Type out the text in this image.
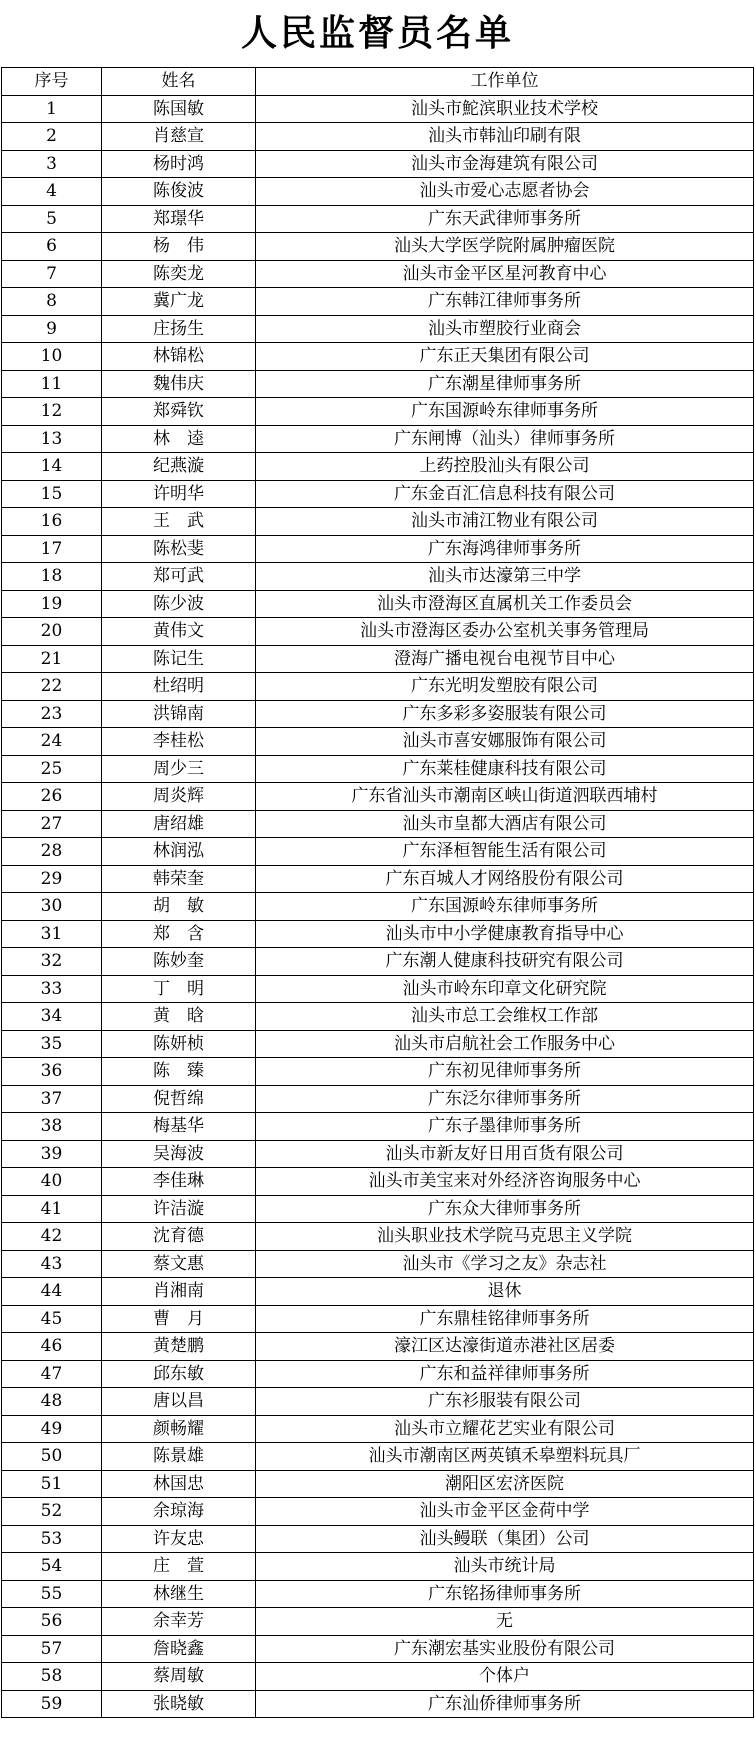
人民监督员名单
序号	姓名	工作单位
1	陈国敏	汕头市鮀滨职业技术学校
2	肖慈宣	汕头市韩汕印刷有限
3	杨时鸿	汕头市金海建筑有限公司
4	陈俊波	汕头市爱心志愿者协会
5	郑璟华	广东天武律师事务所
6	杨　伟	汕头大学医学院附属肿瘤医院
7	陈奕龙	汕头市金平区星河教育中心
8	冀广龙	广东韩江律师事务所
9	庄扬生	汕头市塑胶行业商会
10	林锦松	广东正天集团有限公司
11	魏伟庆	广东潮星律师事务所
12	郑舜钦	广东国源岭东律师事务所
13	林　逵	广东闸博（汕头）律师事务所
14	纪燕漩	上药控股汕头有限公司
15	许明华	广东金百汇信息科技有限公司
16	王　武	汕头市浦江物业有限公司
17	陈松斐	广东海鸿律师事务所
18	郑可武	汕头市达濠第三中学
19	陈少波	汕头市澄海区直属机关工作委员会
20	黄伟文	汕头市澄海区委办公室机关事务管理局
21	陈记生	澄海广播电视台电视节目中心
22	杜绍明	广东光明发塑胶有限公司
23	洪锦南	广东多彩多姿服装有限公司
24	李桂松	汕头市喜安娜服饰有限公司
25	周少三	广东莱桂健康科技有限公司
26	周炎辉	广东省汕头市潮南区峡山街道泗联西埔村
27	唐绍雄	汕头市皇都大酒店有限公司
28	林润泓	广东泽桓智能生活有限公司
29	韩荣奎	广东百城人才网络股份有限公司
30	胡　敏	广东国源岭东律师事务所
31	郑　含	汕头市中小学健康教育指导中心
32	陈妙奎	广东潮人健康科技研究有限公司
33	丁　明	汕头市岭东印章文化研究院
34	黄　晗	汕头市总工会维权工作部
35	陈妍桢	汕头市启航社会工作服务中心
36	陈　臻	广东初见律师事务所
37	倪哲绵	广东泛尔律师事务所
38	梅基华	广东子墨律师事务所
39	吴海波	汕头市新友好日用百货有限公司
40	李佳琳	汕头市美宝来对外经济咨询服务中心
41	许洁漩	广东众大律师事务所
42	沈育德	汕头职业技术学院马克思主义学院
43	蔡文惠	汕头市《学习之友》杂志社
44	肖湘南	退休
45	曹　月	广东鼎桂铭律师事务所
46	黄楚鹏	濠江区达濠街道赤港社区居委
47	邱东敏	广东和益祥律师事务所
48	唐以昌	广东衫服装有限公司
49	颜畅耀	汕头市立耀花艺实业有限公司
50	陈景雄	汕头市潮南区两英镇禾皋塑料玩具厂
51	林国忠	潮阳区宏济医院
52	余琼海	汕头市金平区金荷中学
53	许友忠	汕头鳗联（集团）公司
54	庄　萱	汕头市统计局
55	林继生	广东铭扬律师事务所
56	余幸芳	无
57	詹晓鑫	广东潮宏基实业股份有限公司
58	蔡周敏	个体户
59	张晓敏	广东汕侨律师事务所
